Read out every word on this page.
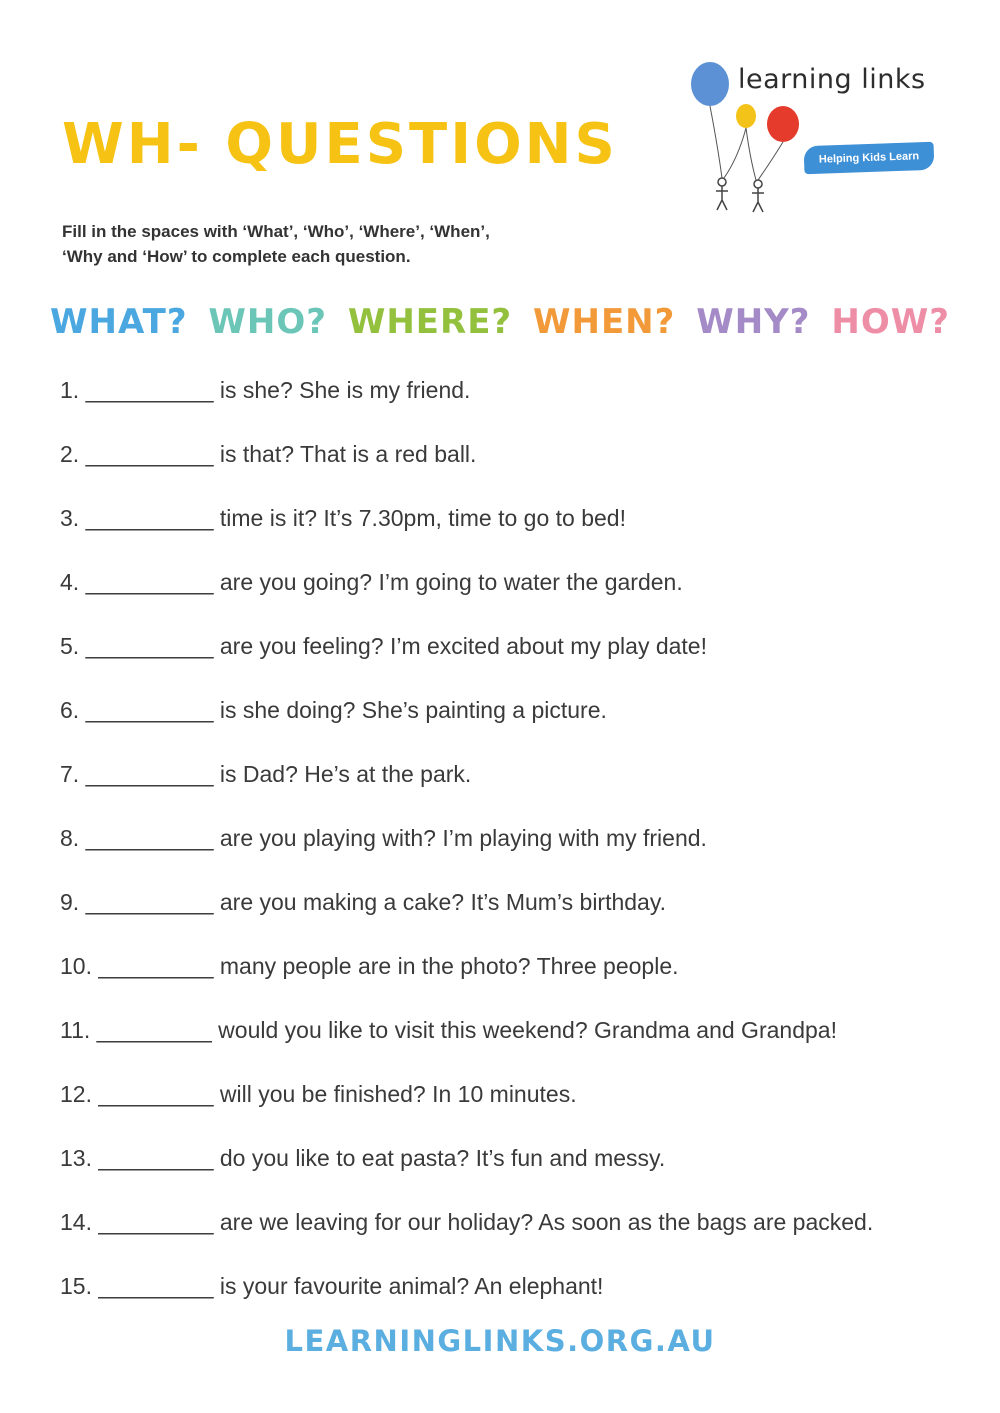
WH- QUESTIONS
Fill in the spaces with ‘What’, ‘Who’, ‘Where’, ‘When’,
‘Why and ‘How’ to complete each question.
learning links
Helping Kids Learn
WHAT? WHO? WHERE? WHEN? WHY? HOW?
1. __________ is she? She is my friend.
2. __________ is that? That is a red ball.
3. __________ time is it? It’s 7.30pm, time to go to bed!
4. __________ are you going? I’m going to water the garden.
5. __________ are you feeling? I’m excited about my play date!
6. __________ is she doing? She’s painting a picture.
7. __________ is Dad? He’s at the park.
8. __________ are you playing with? I’m playing with my friend.
9. __________ are you making a cake? It’s Mum’s birthday.
10. _________ many people are in the photo? Three people.
11. _________ would you like to visit this weekend? Grandma and Grandpa!
12. _________ will you be finished? In 10 minutes.
13. _________ do you like to eat pasta? It’s fun and messy.
14. _________ are we leaving for our holiday? As soon as the bags are packed.
15. _________ is your favourite animal? An elephant!
LEARNINGLINKS.ORG.AU
